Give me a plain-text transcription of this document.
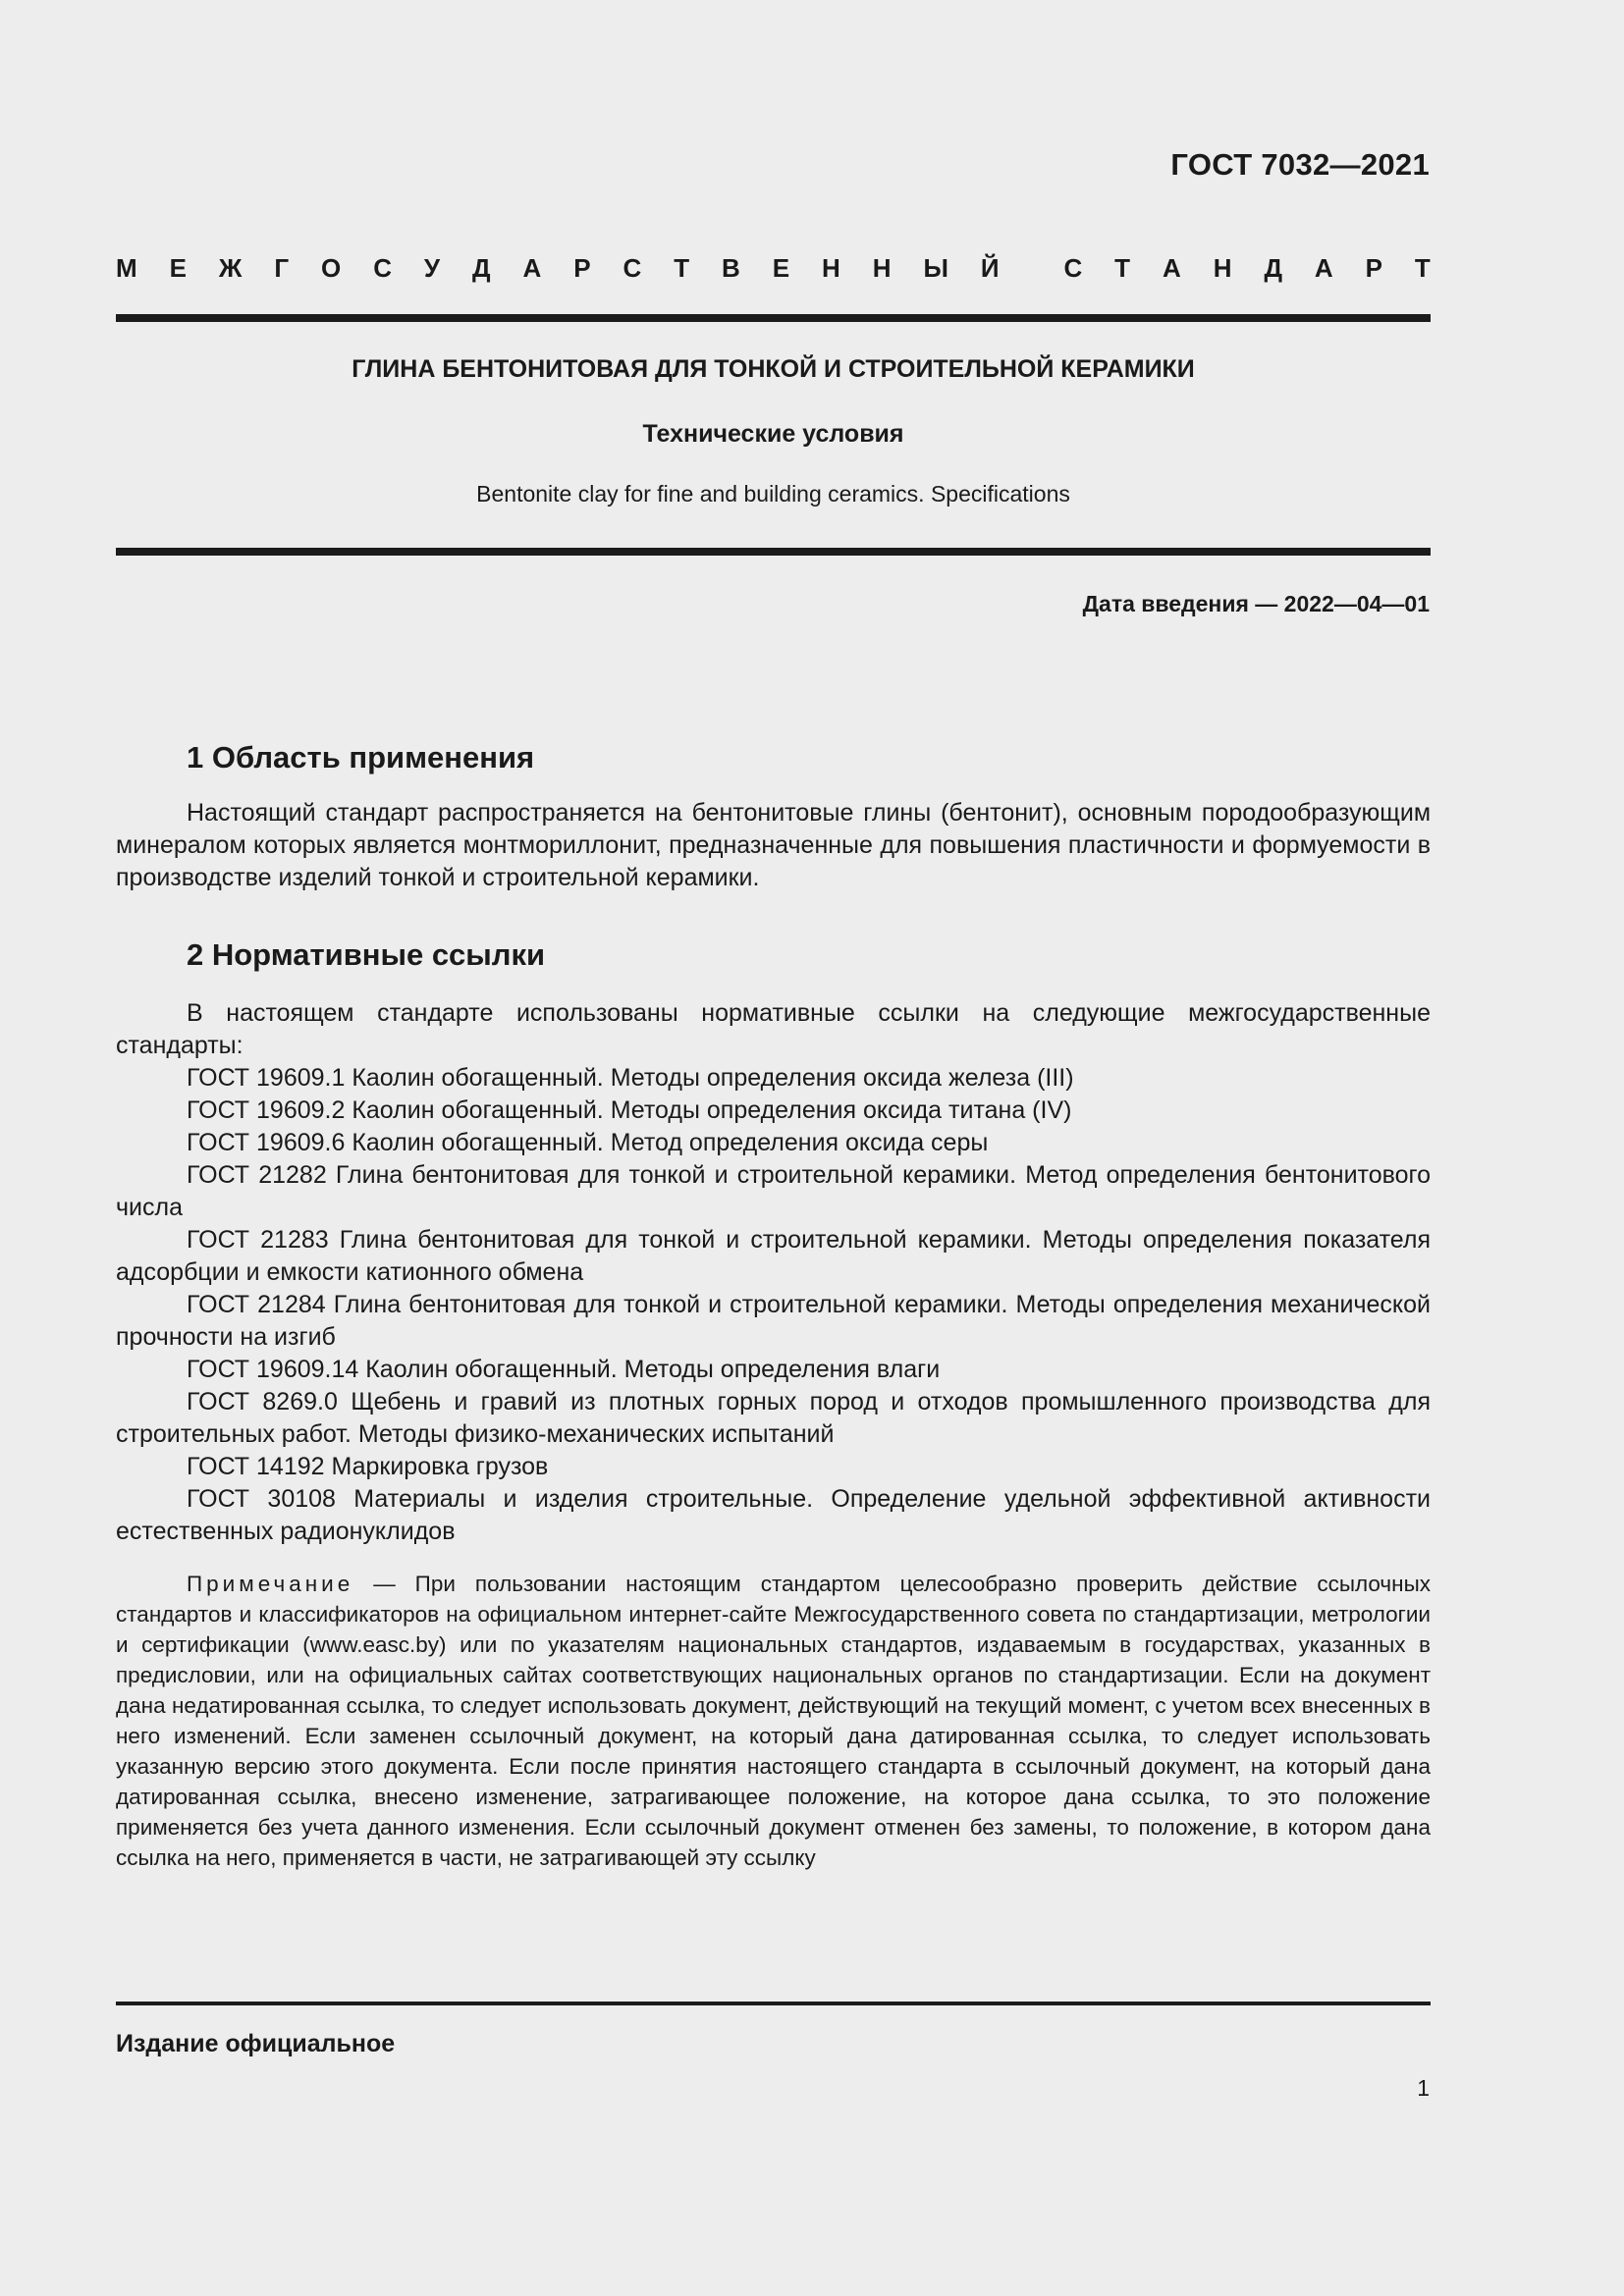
ГОСТ 7032—2021
М Е Ж Г О С У Д А Р С Т В Е Н Н Ы Й	С Т А Н Д А Р Т
ГЛИНА БЕНТОНИТОВАЯ ДЛЯ ТОНКОЙ И СТРОИТЕЛЬНОЙ КЕРАМИКИ
Технические условия
Bentonite clay for fine and building ceramics. Specifications
Дата введения — 2022—04—01
1 Область применения

Настоящий стандарт распространяется на бентонитовые глины (бентонит), основным породообразующим минералом которых является монтмориллонит, предназначенные для повышения пластичности и формуемости в производстве изделий тонкой и строительной керамики.

2 Нормативные ссылки

В настоящем стандарте использованы нормативные ссылки на следующие межгосударственные стандарты:

ГОСТ 19609.1 Каолин обогащенный. Методы определения оксида железа (III)

ГОСТ 19609.2 Каолин обогащенный. Методы определения оксида титана (IV)

ГОСТ 19609.6 Каолин обогащенный. Метод определения оксида серы

ГОСТ 21282 Глина бентонитовая для тонкой и строительной керамики. Метод определения бентонитового числа

ГОСТ 21283 Глина бентонитовая для тонкой и строительной керамики. Методы определения показателя адсорбции и емкости катионного обмена

ГОСТ 21284 Глина бентонитовая для тонкой и строительной керамики. Методы определения механической прочности на изгиб

ГОСТ 19609.14 Каолин обогащенный. Методы определения влаги

ГОСТ 8269.0 Щебень и гравий из плотных горных пород и отходов промышленного производства для строительных работ. Методы физико-механических испытаний

ГОСТ 14192 Маркировка грузов

ГОСТ 30108 Материалы и изделия строительные. Определение удельной эффективной активности естественных радионуклидов

Примечание — При пользовании настоящим стандартом целесообразно проверить действие ссылочных стандартов и классификаторов на официальном интернет-сайте Межгосударственного совета по стандартизации, метрологии и сертификации (www.easc.by) или по указателям национальных стандартов, издаваемым в государствах, указанных в предисловии, или на официальных сайтах соответствующих национальных органов по стандартизации. Если на документ дана недатированная ссылка, то следует использовать документ, действующий на текущий момент, с учетом всех внесенных в него изменений. Если заменен ссылочный документ, на который дана датированная ссылка, то следует использовать указанную версию этого документа. Если после принятия настоящего стандарта в ссылочный документ, на который дана датированная ссылка, внесено изменение, затрагивающее положение, на которое дана ссылка, то это положение применяется без учета данного изменения. Если ссылочный документ отменен без замены, то положение, в котором дана ссылка на него, применяется в части, не затрагивающей эту ссылку

Издание официальное
1
